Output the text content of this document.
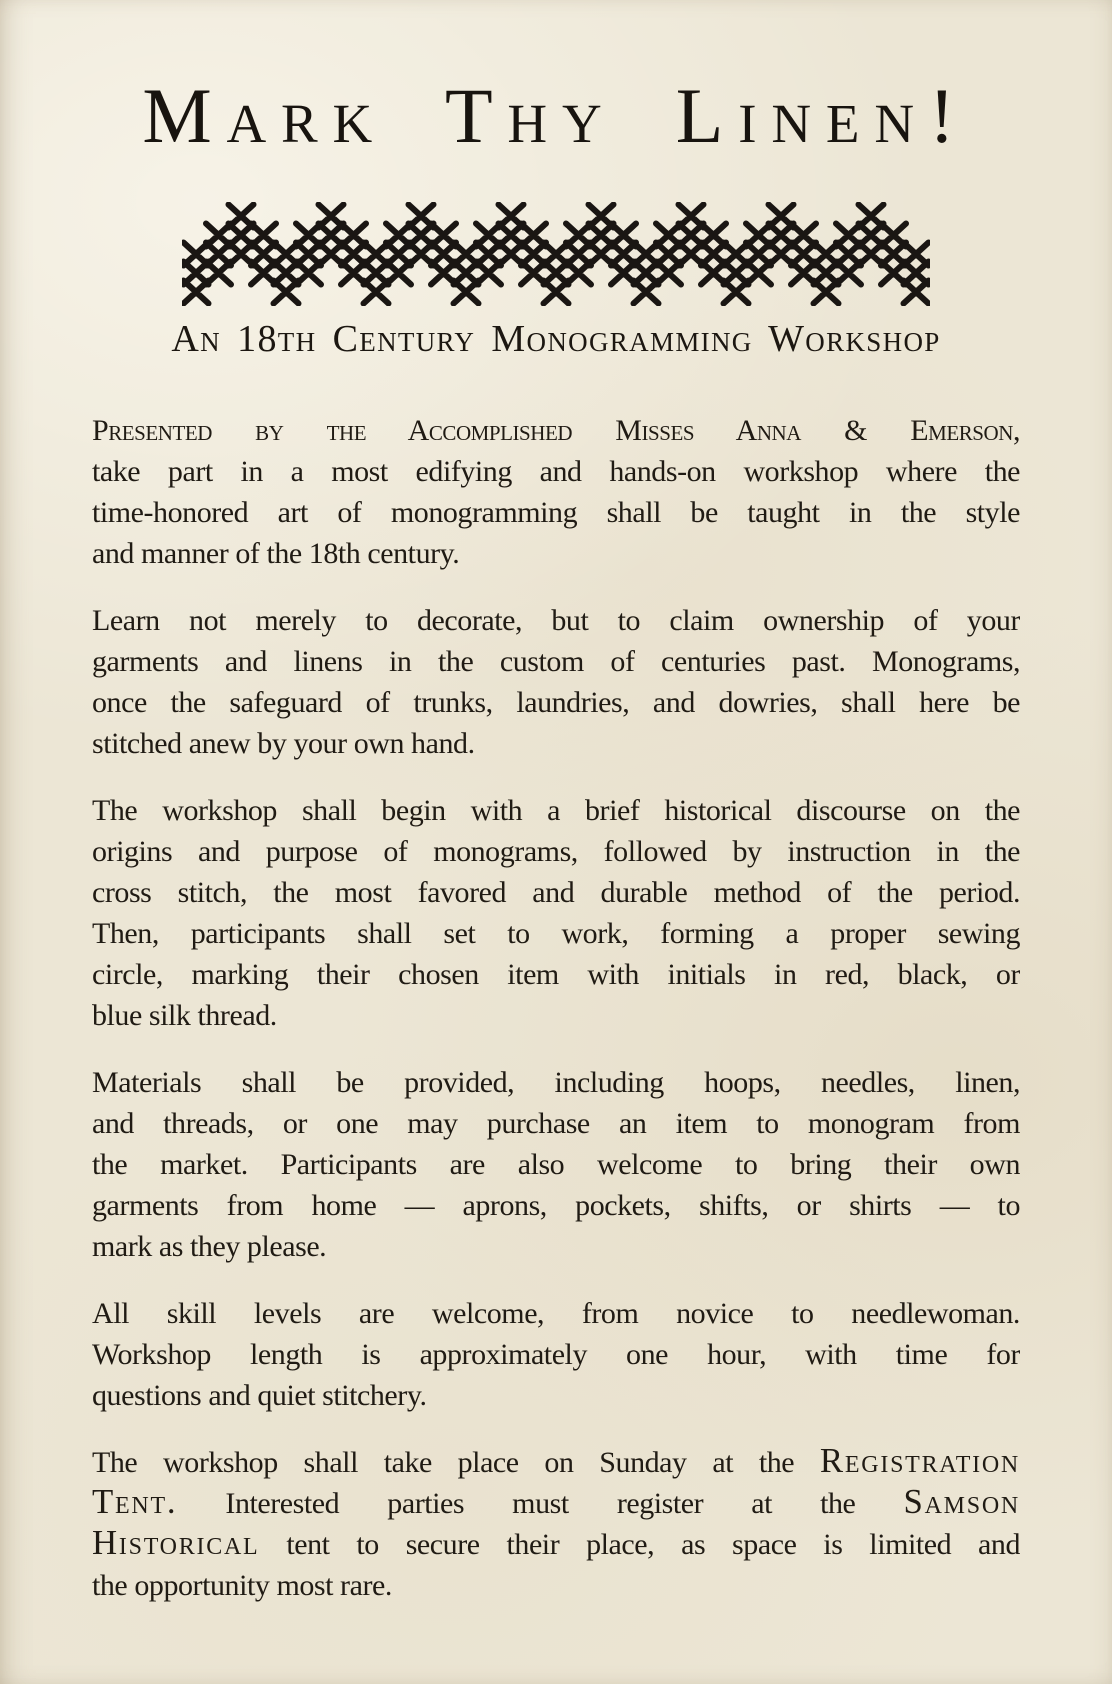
Mark Thy Linen!
An 18th Century Monogramming Workshop

Presented by the Accomplished Misses Anna & Emerson,
take part in a most edifying and hands-on workshop where the
time-honored art of monogramming shall be taught in the style
and manner of the 18th century.

Learn not merely to decorate, but to claim ownership of your
garments and linens in the custom of centuries past. Monograms,
once the safeguard of trunks, laundries, and dowries, shall here be
stitched anew by your own hand.

The workshop shall begin with a brief historical discourse on the
origins and purpose of monograms, followed by instruction in the
cross stitch, the most favored and durable method of the period.
Then, participants shall set to work, forming a proper sewing
circle, marking their chosen item with initials in red, black, or
blue silk thread.

Materials shall be provided, including hoops, needles, linen,
and threads, or one may purchase an item to monogram from
the market. Participants are also welcome to bring their own
garments from home — aprons, pockets, shifts, or shirts — to
mark as they please.

All skill levels are welcome, from novice to needlewoman.
Workshop length is approximately one hour, with time for
questions and quiet stitchery.

The workshop shall take place on Sunday at the Registration
Tent. Interested parties must register at the Samson
Historical tent to secure their place, as space is limited and
the opportunity most rare.
